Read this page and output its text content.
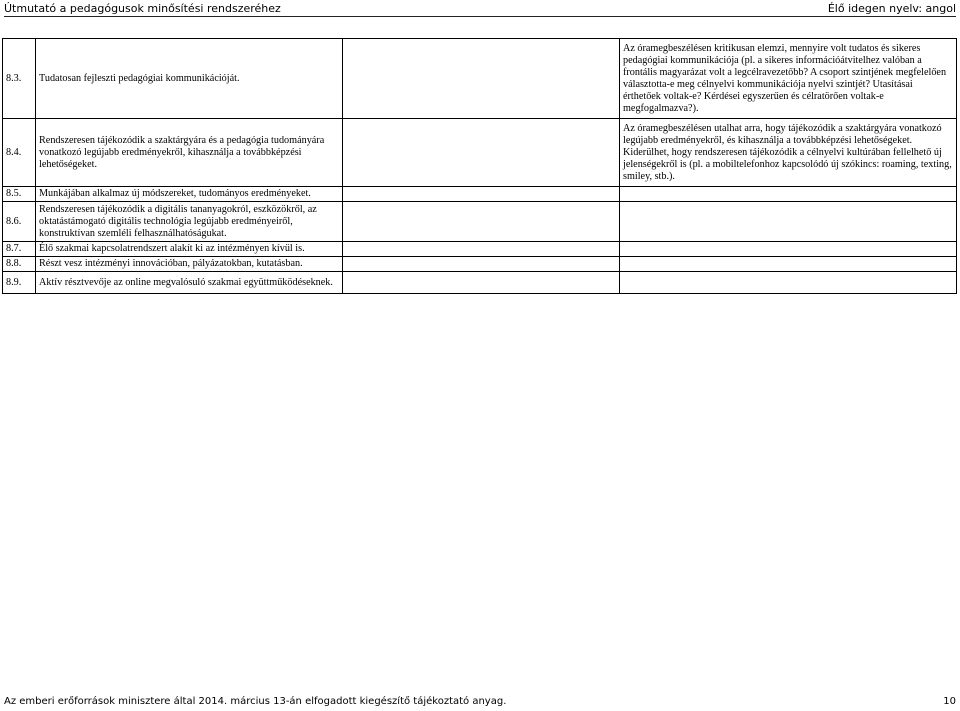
Útmutató a pedagógusok minősítési rendszeréhez	Élő idegen nyelv: angol
8.3.	Tudatosan fejleszti pedagógiai kommunikációját.		Az óramegbeszélésen kritikusan elemzi, mennyire volt tudatos és sikeres pedagógiai kommunikációja (pl. a sikeres információátvitelhez valóban a frontális magyarázat volt a legcélravezetőbb? A csoport szintjének megfelelően választotta-e meg célnyelvi kommunikációja nyelvi szintjét? Utasításai érthetőek voltak-e? Kérdései egyszerűen és célratörően voltak-e megfogalmazva?).
8.4.	Rendszeresen tájékozódik a szaktárgyára és a pedagógia tudományára vonatkozó legújabb eredményekről, kihasználja a továbbképzési lehetőségeket.		Az óramegbeszélésen utalhat arra, hogy tájékozódik a szaktárgyára vonatkozó legújabb eredményekről, és kihasználja a továbbképzési lehetőségeket. Kiderülhet, hogy rendszeresen tájékozódik a célnyelvi kultúrában fellelhető új jelenségekről is (pl. a mobiltelefonhoz kapcsolódó új szókincs: roaming, texting, smiley, stb.).
8.5.	Munkájában alkalmaz új módszereket, tudományos eredményeket.		
8.6.	Rendszeresen tájékozódik a digitális tananyagokról, eszközökről, az oktatástámogató digitális technológia legújabb eredményeiről, konstruktívan szemléli felhasználhatóságukat.		
8.7.	Élő szakmai kapcsolatrendszert alakít ki az intézményen kívül is.		
8.8.	Részt vesz intézményi innovációban, pályázatokban, kutatásban.		
8.9.	Aktív résztvevője az online megvalósuló szakmai együttműködéseknek.		
Az emberi erőforrások minisztere által 2014. március 13-án elfogadott kiegészítő tájékoztató anyag.	10
